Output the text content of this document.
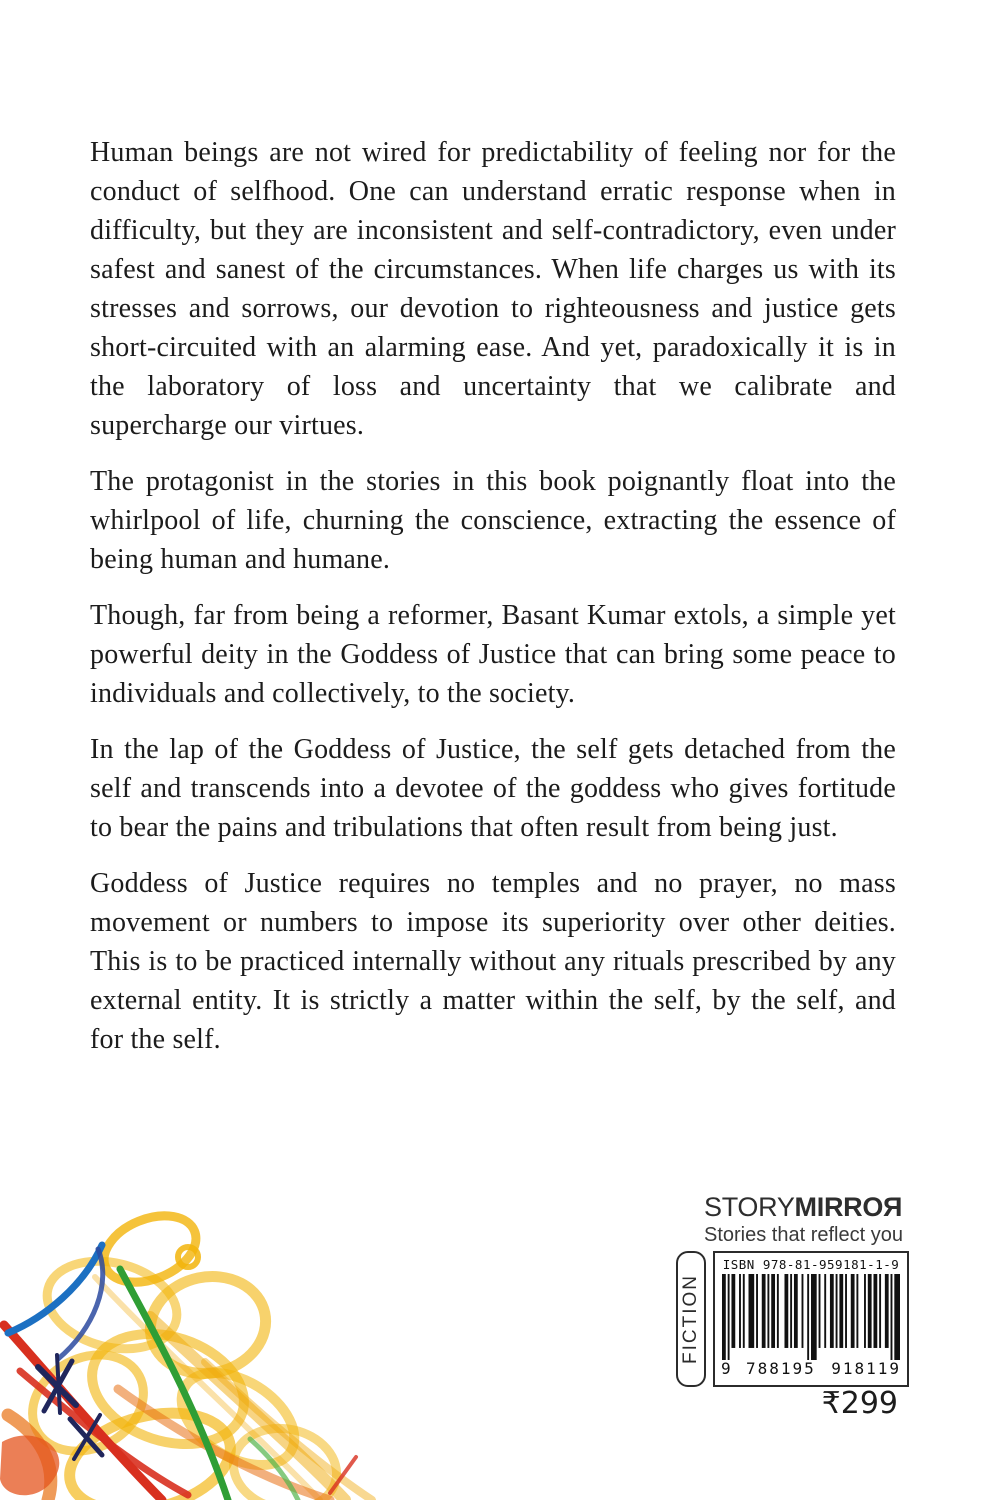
Human beings are not wired for predictability of feeling nor for the conduct of selfhood. One can understand erratic response when in difficulty, but they are inconsistent and self-contradictory, even under safest and sanest of the circumstances. When life charges us with its stresses and sorrows, our devotion to righteousness and justice gets short-circuited with an alarming ease. And yet, paradoxically it is in the laboratory of loss and uncertainty that we calibrate and supercharge our virtues.

The protagonist in the stories in this book poignantly float into the whirlpool of life, churning the conscience, extracting the essence of being human and humane.

Though, far from being a reformer, Basant Kumar extols, a simple yet powerful deity in the Goddess of Justice that can bring some peace to individuals and collectively, to the society.

In the lap of the Goddess of Justice, the self gets detached from the self and transcends into a devotee of the goddess who gives fortitude to bear the pains and tribulations that often result from being just.

Goddess of Justice requires no temples and no prayer, no mass movement or numbers to impose its superiority over other deities. This is to be practiced internally without any rituals prescribed by any external entity. It is strictly a matter within the self, by the self, and for the self.

STORYMIRROЯ
Stories that reflect you
FICTION
ISBN 978-81-959181-1-9
9 788195 918119
₹299
